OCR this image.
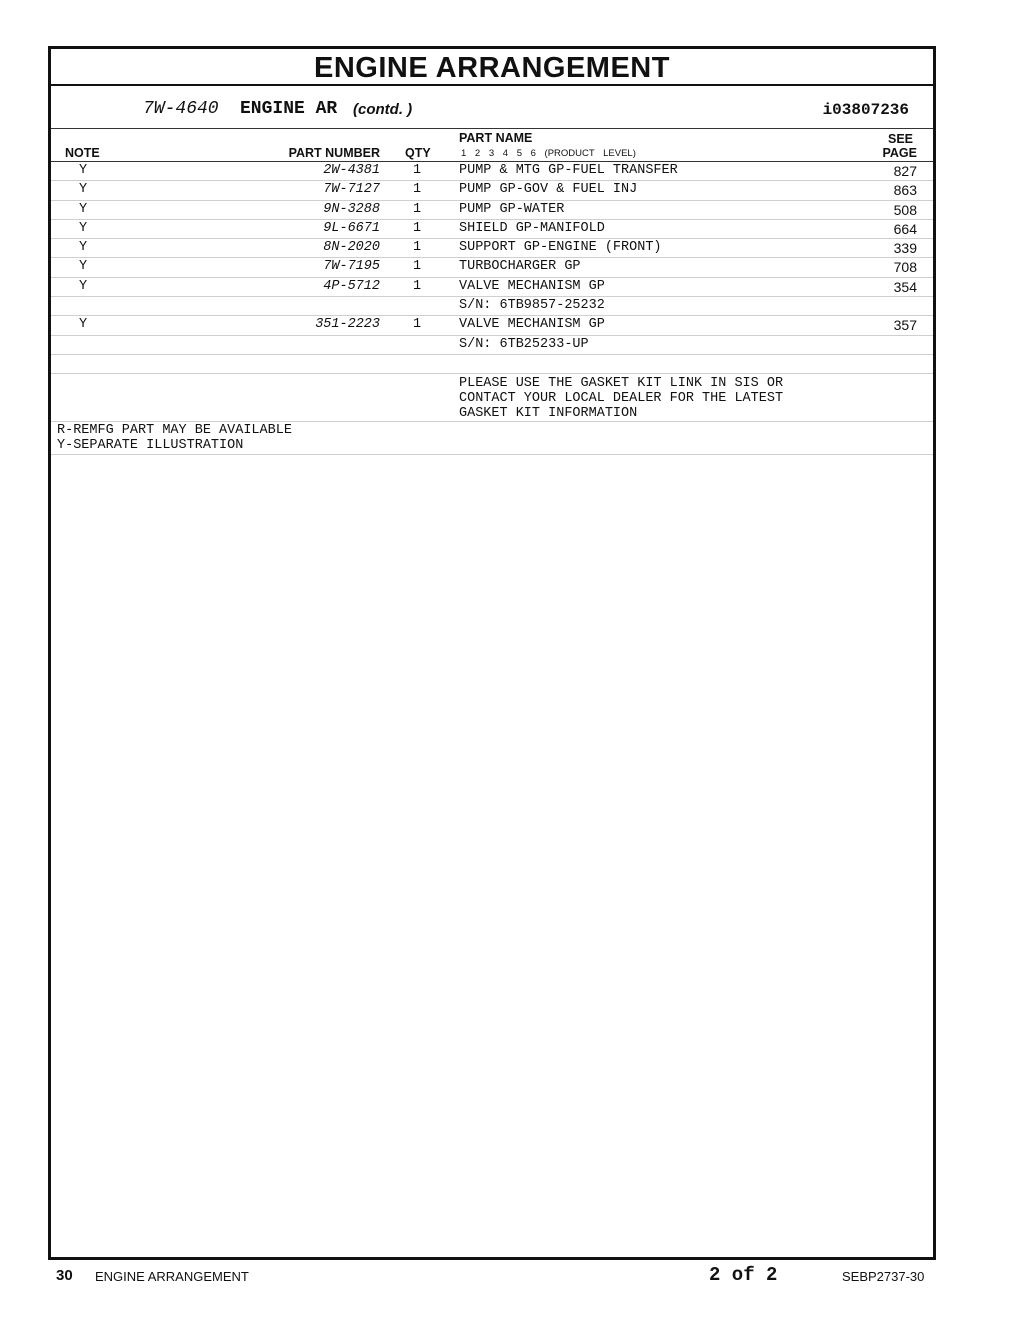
ENGINE ARRANGEMENT
7W-4640 ENGINE AR (contd. )	i03807236
NOTE	PART NUMBER QTY
PART NAME
1 2 3 4 5 6 (PRODUCT LEVEL)
SEE
PAGE
Y	2W-4381 1	PUMP & MTG GP-FUEL TRANSFER	827
Y	7W-7127 1	PUMP GP-GOV & FUEL INJ	863
Y	9N-3288 1	PUMP GP-WATER	508
Y	9L-6671 1	SHIELD GP-MANIFOLD	664
Y	8N-2020 1	SUPPORT GP-ENGINE (FRONT)	339
Y	7W-7195 1	TURBOCHARGER GP	708
Y	4P-5712 1	VALVE MECHANISM GP	354
S/N: 6TB9857-25232
Y	351-2223 1	VALVE MECHANISM GP	357
S/N: 6TB25233-UP
PLEASE USE THE GASKET KIT LINK IN SIS OR
CONTACT YOUR LOCAL DEALER FOR THE LATEST
GASKET KIT INFORMATION
R-REMFG PART MAY BE AVAILABLE
Y-SEPARATE ILLUSTRATION
30 ENGINE ARRANGEMENT	2 of 2	SEBP2737-30
